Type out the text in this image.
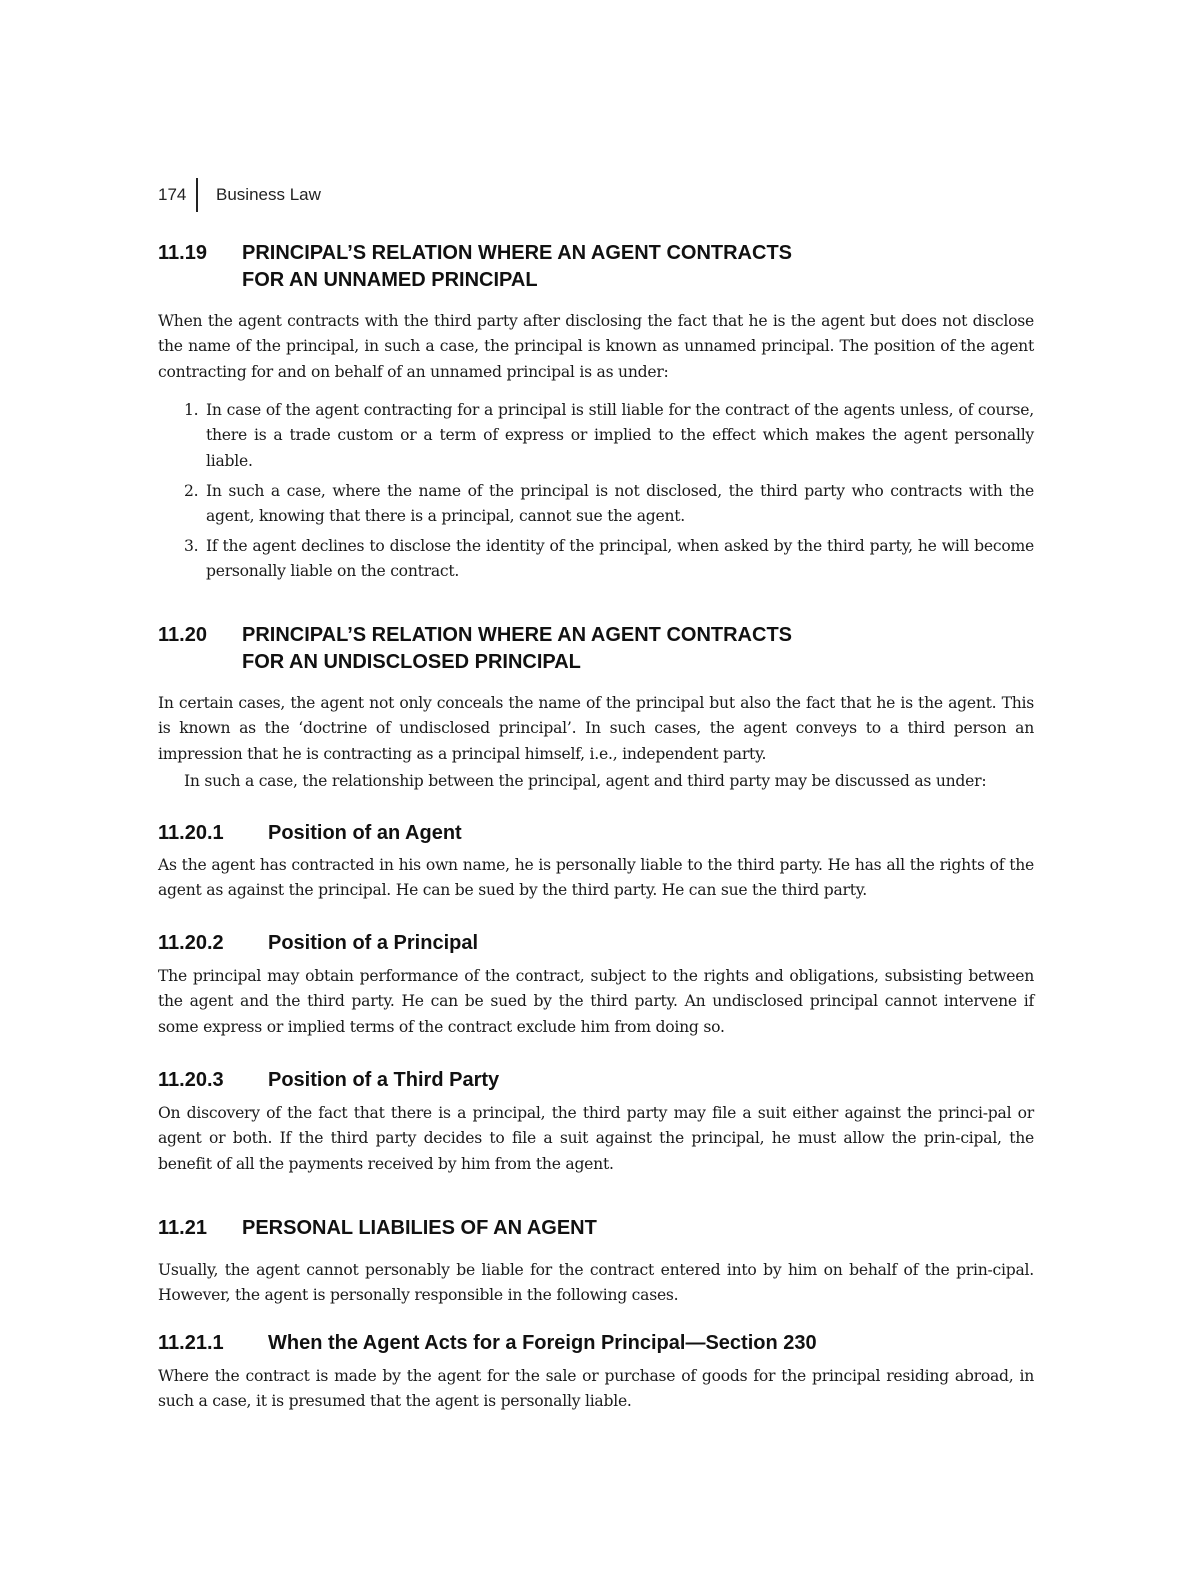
174	Business Law
11.19	PRINCIPAL’S RELATION WHERE AN AGENT CONTRACTS
FOR AN UNNAMED PRINCIPAL

When the agent contracts with the third party after disclosing the fact that he is the agent but does not disclose the name of the principal, in such a case, the principal is known as unnamed principal. The position of the agent contracting for and on behalf of an unnamed principal is as under:

1. In case of the agent contracting for a principal is still liable for the contract of the agents unless, of course, there is a trade custom or a term of express or implied to the effect which makes the agent personally liable.
2. In such a case, where the name of the principal is not disclosed, the third party who contracts with the agent, knowing that there is a principal, cannot sue the agent.
3. If the agent declines to disclose the identity of the principal, when asked by the third party, he will become personally liable on the contract.
11.20	PRINCIPAL’S RELATION WHERE AN AGENT CONTRACTS
FOR AN UNDISCLOSED PRINCIPAL

In certain cases, the agent not only conceals the name of the principal but also the fact that he is the agent. This is known as the ‘doctrine of undisclosed principal’. In such cases, the agent conveys to a third person an impression that he is contracting as a principal himself, i.e., independent party.

In such a case, the relationship between the principal, agent and third party may be discussed as under:

11.20.1	Position of an Agent

As the agent has contracted in his own name, he is personally liable to the third party. He has all the rights of the agent as against the principal. He can be sued by the third party. He can sue the third party.

11.20.2	Position of a Principal

The principal may obtain performance of the contract, subject to the rights and obligations, subsisting between the agent and the third party. He can be sued by the third party. An undisclosed principal cannot intervene if some express or implied terms of the contract exclude him from doing so.

11.20.3	Position of a Third Party

On discovery of the fact that there is a principal, the third party may file a suit either against the princi-pal or agent or both. If the third party decides to file a suit against the principal, he must allow the prin-cipal, the benefit of all the payments received by him from the agent.

11.21	PERSONAL LIABILIES OF AN AGENT

Usually, the agent cannot personably be liable for the contract entered into by him on behalf of the prin-cipal. However, the agent is personally responsible in the following cases.

11.21.1	When the Agent Acts for a Foreign Principal—Section 230

Where the contract is made by the agent for the sale or purchase of goods for the principal residing abroad, in such a case, it is presumed that the agent is personally liable.
